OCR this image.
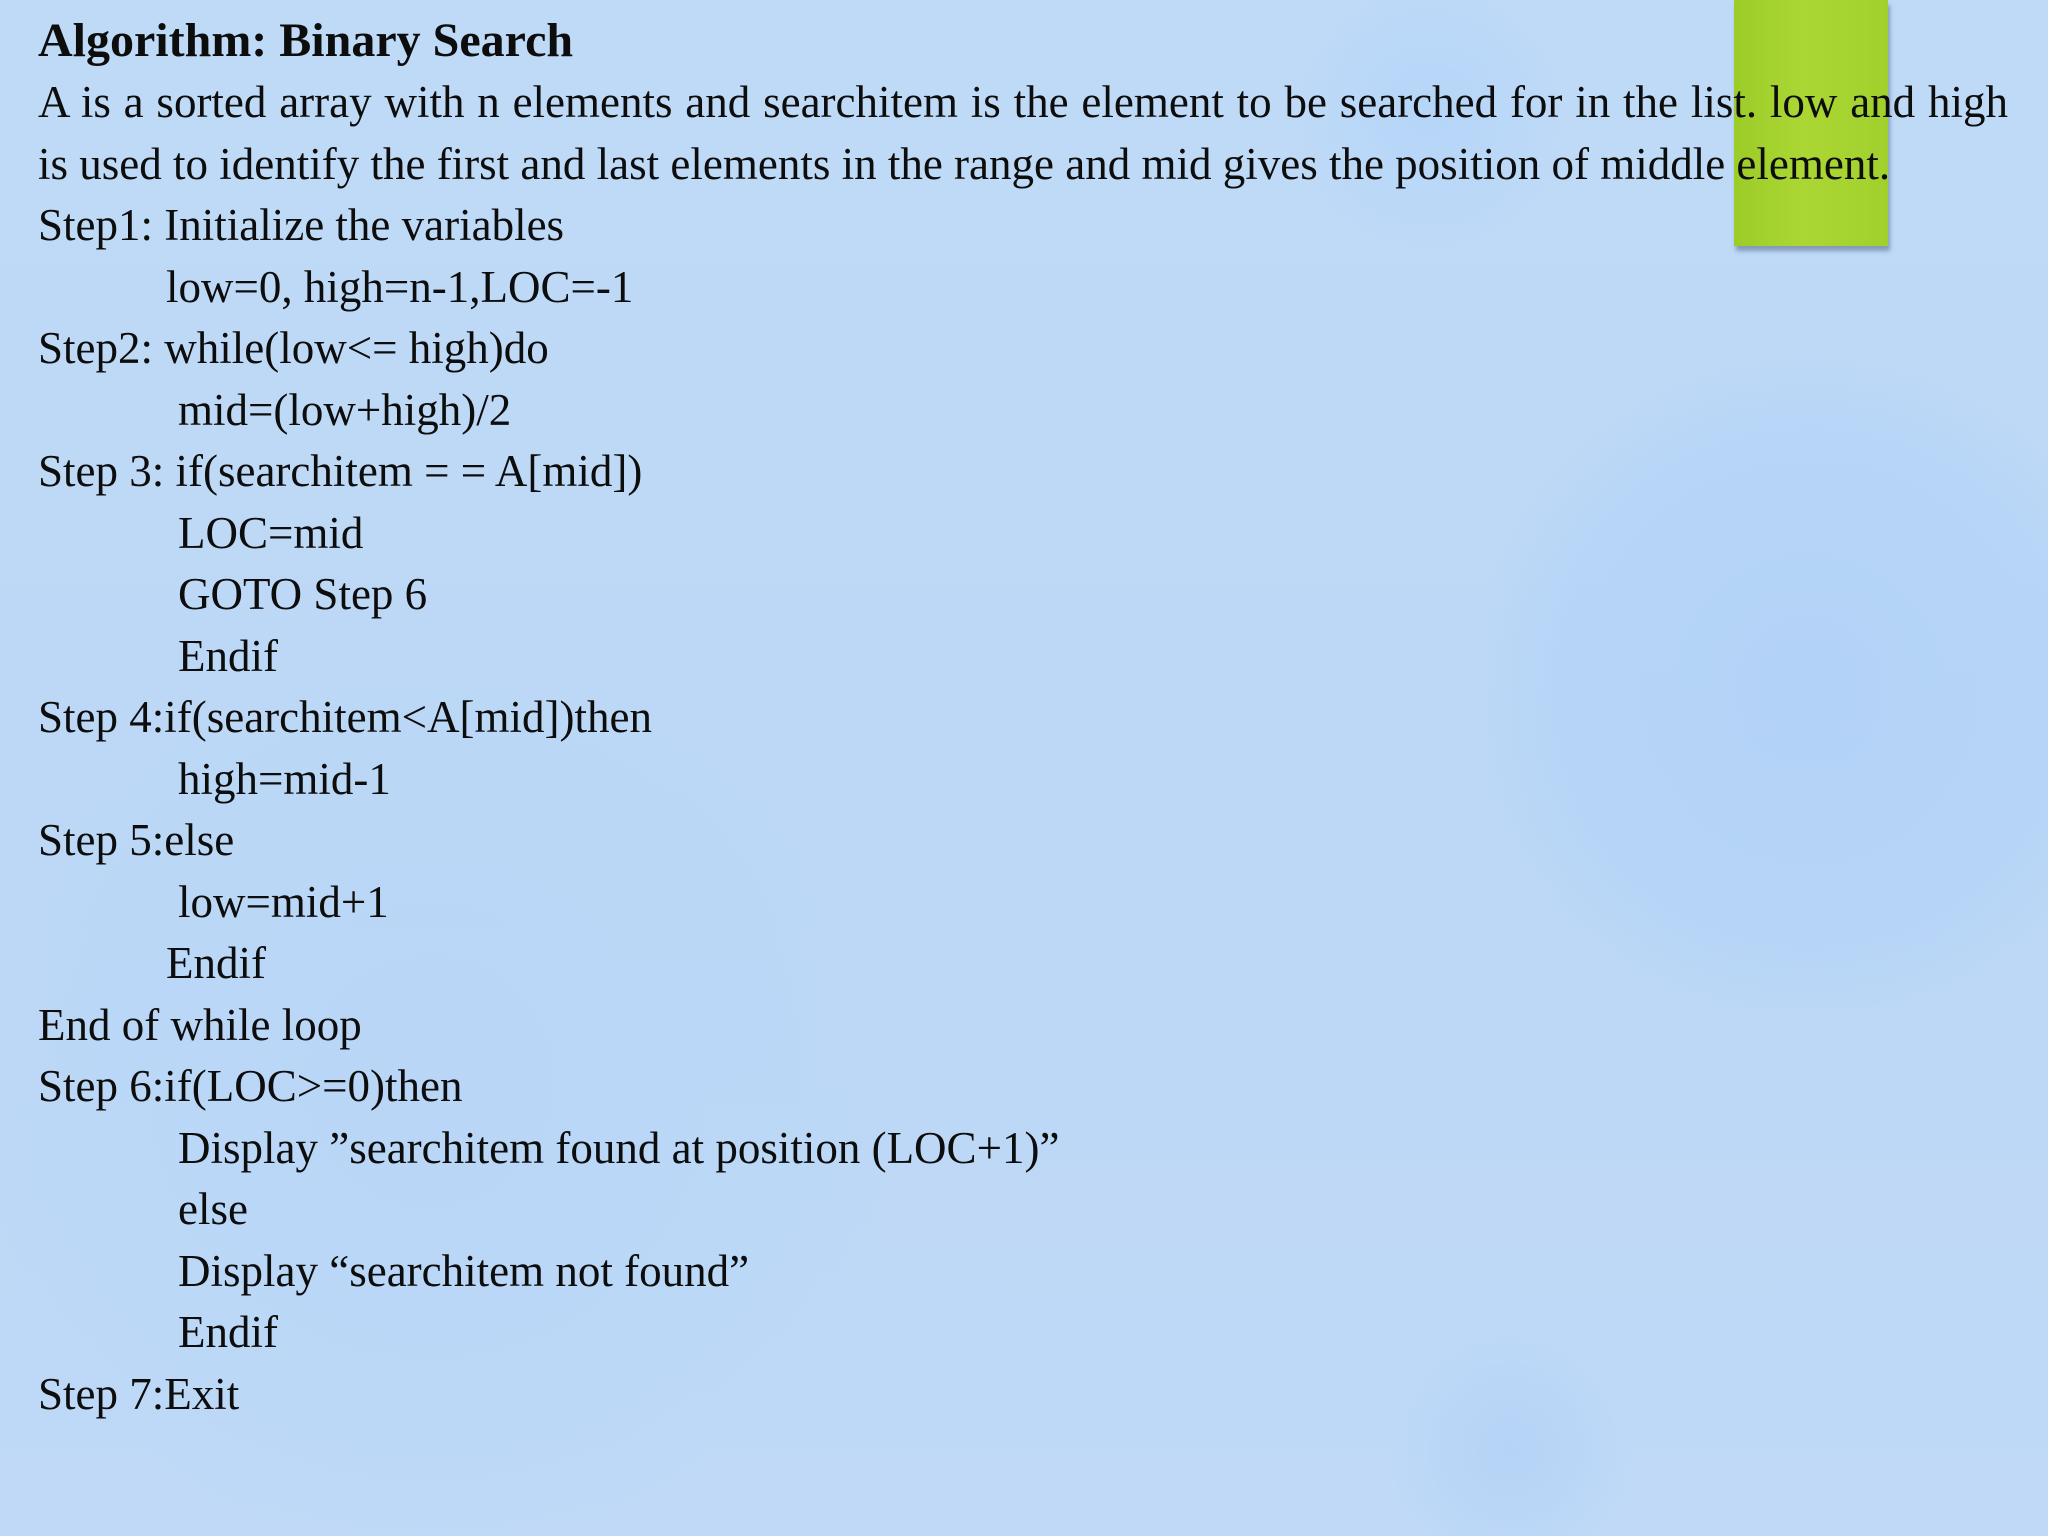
Algorithm: Binary Search

A is a sorted array with n elements and searchitem is the element to be searched for in the list. low and high is used to identify the first and last elements in the range and mid gives the position of middle element.

Step1: Initialize the variables
low=0, high=n-1,LOC=-1
Step2: while(low<= high)do
mid=(low+high)/2
Step 3: if(searchitem = = A[mid])
LOC=mid
GOTO Step 6
Endif
Step 4:if(searchitem<A[mid])then
high=mid-1
Step 5:else
low=mid+1
Endif
End of while loop
Step 6:if(LOC>=0)then
Display ”searchitem found at position (LOC+1)”
else
Display “searchitem not found”
Endif
Step 7:Exit
